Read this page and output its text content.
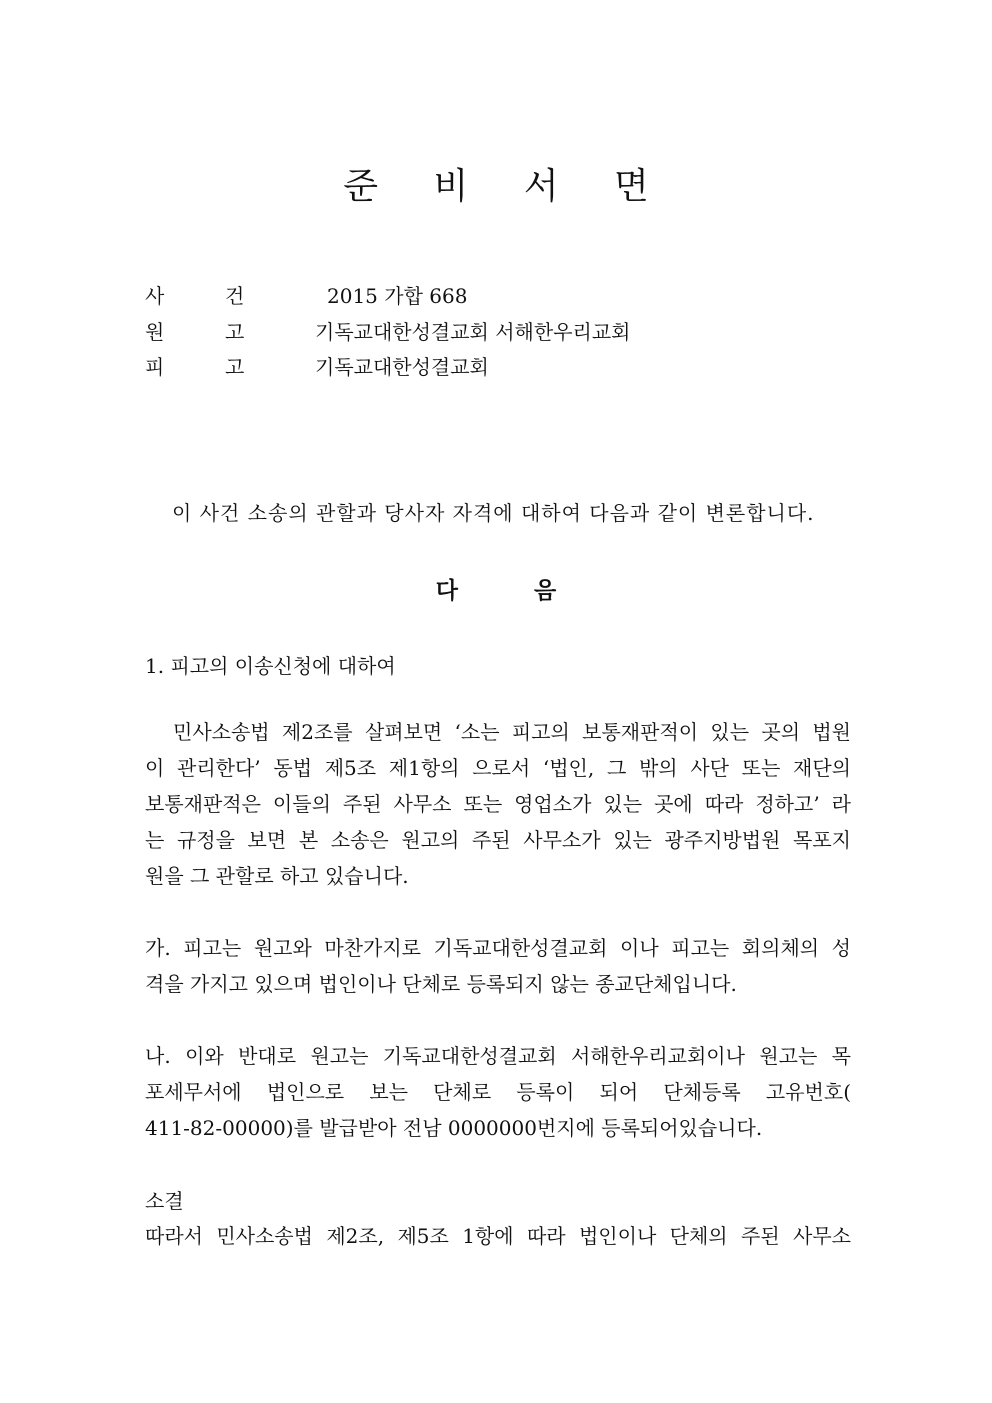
준 비 서 면
사	건	2015 가합 668
원	고	기독교대한성결교회 서해한우리교회
피	고	기독교대한성결교회
이 사건 소송의 관할과 당사자 자격에 대하여 다음과 같이 변론합니다.
다 음
1. 피고의 이송신청에 대하여
민사소송법 제2조를 살펴보면 ‘소는 피고의 보통재판적이 있는 곳의 법원
이 관리한다’ 동법 제5조 제1항의 으로서 ‘법인, 그 밖의 사단 또는 재단의
보통재판적은 이들의 주된 사무소 또는 영업소가 있는 곳에 따라 정하고’ 라
는 규정을 보면 본 소송은 원고의 주된 사무소가 있는 광주지방법원 목포지
원을 그 관할로 하고 있습니다.
가. 피고는 원고와 마찬가지로 기독교대한성결교회 이나 피고는 회의체의 성
격을 가지고 있으며 법인이나 단체로 등록되지 않는 종교단체입니다.
나. 이와 반대로 원고는 기독교대한성결교회 서해한우리교회이나 원고는 목
포세무서에 법인으로 보는 단체로 등록이 되어 단체등록 고유번호(
411-82-00000)를 발급받아 전남 0000000번지에 등록되어있습니다.
소결
따라서 민사소송법 제2조, 제5조 1항에 따라 법인이나 단체의 주된 사무소
